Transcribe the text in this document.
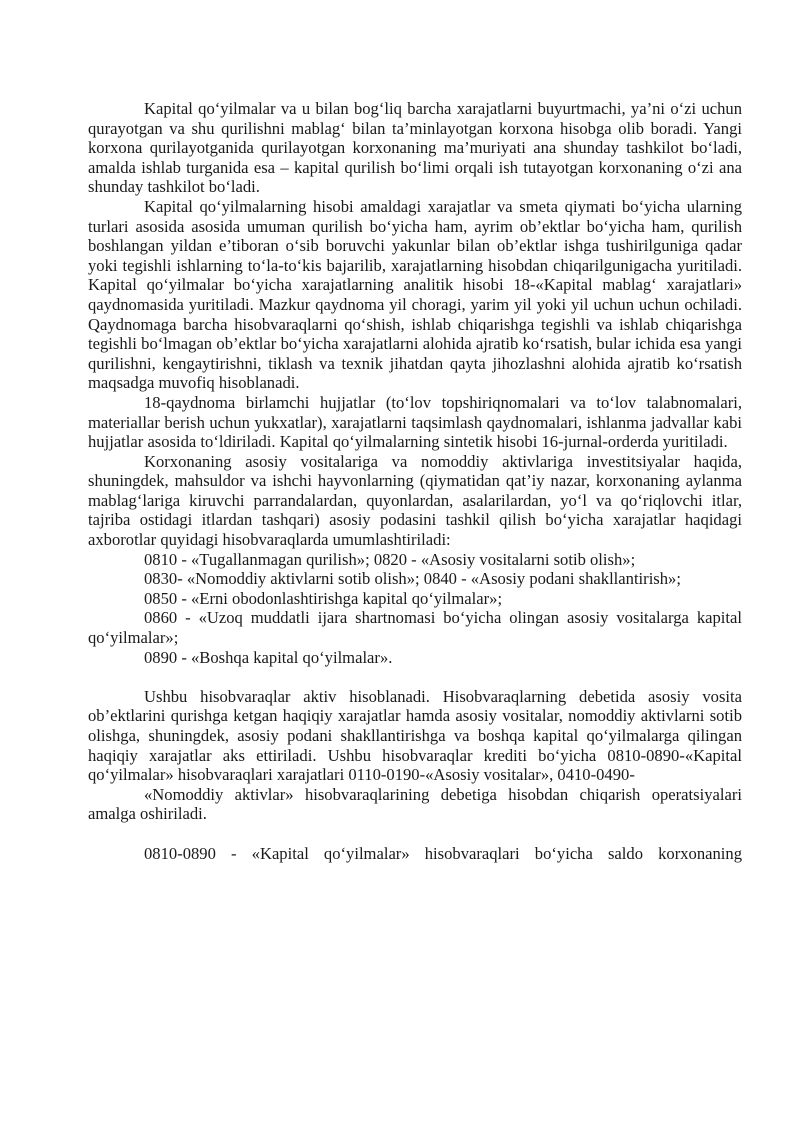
Kapital qo‘yilmalar va u bilan bog‘liq barcha xarajatlarni buyurtmachi, ya’ni o‘zi uchun qurayotgan va shu qurilishni mablag‘ bilan ta’minlayotgan korxona hisobga olib boradi. Yangi korxona qurilayotganida qurilayotgan korxonaning ma’muriyati ana shunday tashkilot bo‘ladi, amalda ishlab turganida esa – kapital qurilish bo‘limi orqali ish tutayotgan korxonaning o‘zi ana shunday tashkilot bo‘ladi.

Kapital qo‘yilmalarning hisobi amaldagi xarajatlar va smeta qiymati bo‘yicha ularning turlari asosida asosida umuman qurilish bo‘yicha ham, ayrim ob’ektlar bo‘yicha ham, qurilish boshlangan yildan e’tiboran o‘sib boruvchi yakunlar bilan ob’ektlar ishga tushirilguniga qadar yoki tegishli ishlarning to‘la-to‘kis bajarilib, xarajatlarning hisobdan chiqarilgunigacha yuritiladi. Kapital qo‘yilmalar bo‘yicha xarajatlarning analitik hisobi 18-«Kapital mablag‘ xarajatlari» qaydnomasida yuritiladi. Mazkur qaydnoma yil choragi, yarim yil yoki yil uchun uchun ochiladi. Qaydnomaga barcha hisobvaraqlarni qo‘shish, ishlab chiqarishga tegishli va ishlab chiqarishga tegishli bo‘lmagan ob’ektlar bo‘yicha xarajatlarni alohida ajratib ko‘rsatish, bular ichida esa yangi qurilishni, kengaytirishni, tiklash va texnik jihatdan qayta jihozlashni alohida ajratib ko‘rsatish maqsadga muvofiq hisoblanadi.

18-qaydnoma birlamchi hujjatlar (to‘lov topshiriqnomalari va to‘lov talabnomalari, materiallar berish uchun yukxatlar), xarajatlarni taqsimlash qaydnomalari, ishlanma jadvallar kabi hujjatlar asosida to‘ldiriladi. Kapital qo‘yilmalarning sintetik hisobi 16-jurnal-orderda yuritiladi.

Korxonaning asosiy vositalariga va nomoddiy aktivlariga investitsiyalar haqida, shuningdek, mahsuldor va ishchi hayvonlarning (qiymatidan qat’iy nazar, korxonaning aylanma mablag‘lariga kiruvchi parrandalardan, quyonlardan, asalarilardan, yo‘l va qo‘riqlovchi itlar, tajriba ostidagi itlardan tashqari) asosiy podasini tashkil qilish bo‘yicha xarajatlar haqidagi axborotlar quyidagi hisobvaraqlarda umumlashtiriladi:

0810 - «Tugallanmagan qurilish»; 0820 - «Asosiy vositalarni sotib olish»;

0830- «Nomoddiy aktivlarni sotib olish»; 0840 - «Asosiy podani shakllantirish»;

0850 - «Erni obodonlashtirishga kapital qo‘yilmalar»;

0860 - «Uzoq muddatli ijara shartnomasi bo‘yicha olingan asosiy vositalarga kapital qo‘yilmalar»;

0890 - «Boshqa kapital qo‘yilmalar».

Ushbu hisobvaraqlar aktiv hisoblanadi. Hisobvaraqlarning debetida asosiy vosita ob’ektlarini qurishga ketgan haqiqiy xarajatlar hamda asosiy vositalar, nomoddiy aktivlarni sotib olishga, shuningdek, asosiy podani shakllantirishga va boshqa kapital qo‘yilmalarga qilingan haqiqiy xarajatlar aks ettiriladi. Ushbu hisobvaraqlar krediti bo‘yicha 0810-0890-«Kapital qo‘yilmalar» hisobvaraqlari xarajatlari 0110-0190-«Asosiy vositalar», 0410-0490-

«Nomoddiy aktivlar» hisobvaraqlarining debetiga hisobdan chiqarish operatsiyalari amalga oshiriladi.

0810-0890 - «Kapital qo‘yilmalar» hisobvaraqlari bo‘yicha saldo korxonaning
